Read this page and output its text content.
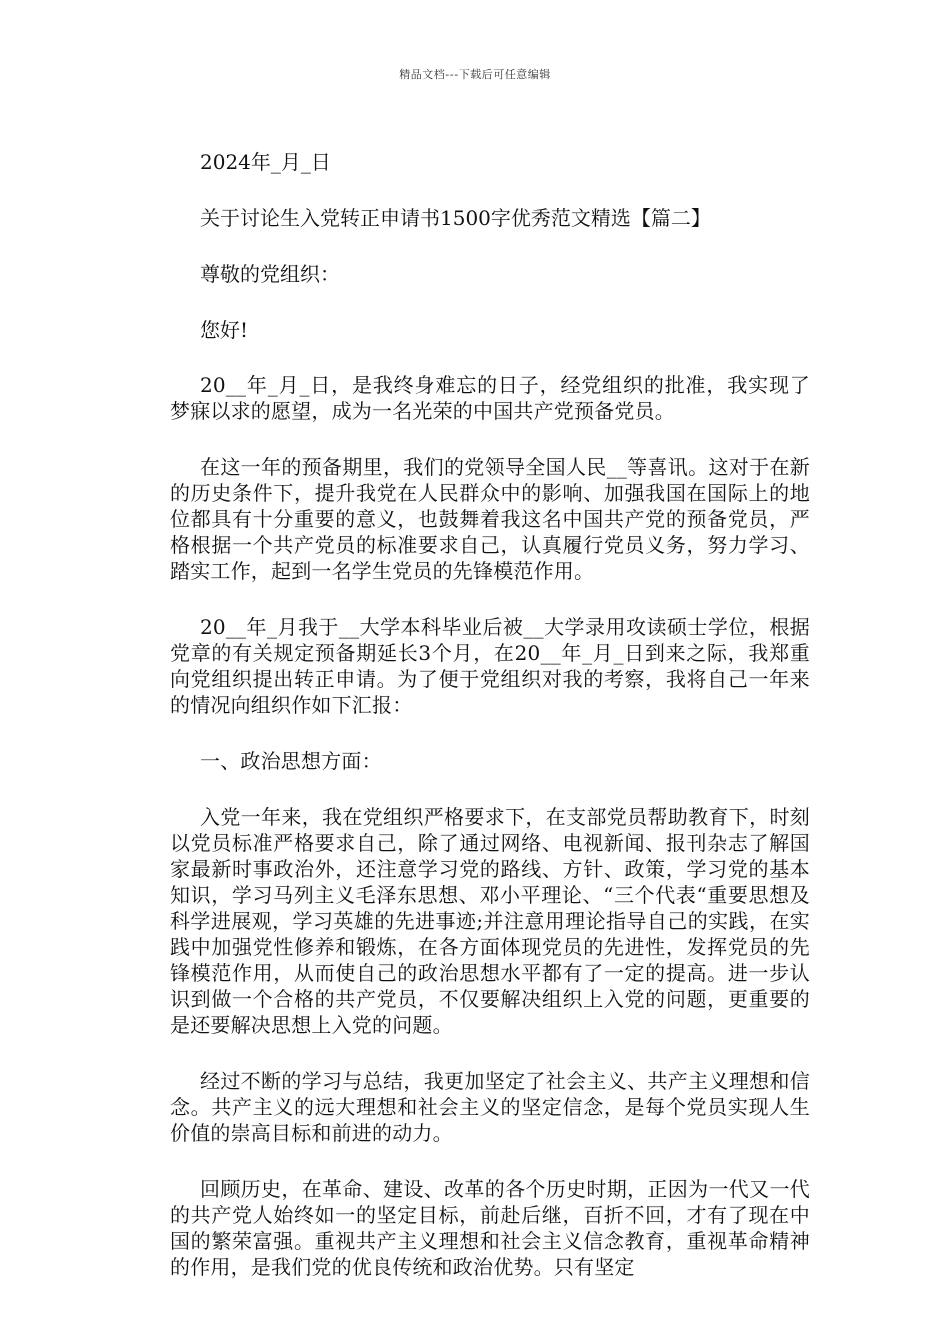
精品文档---下载后可任意编辑
2024年_月_日
关于讨论生入党转正申请书1500字优秀范文精选【篇二】
尊敬的党组织：
您好!

20__年_月_日，是我终身难忘的日子，经党组织的批准，我实现了梦寐以求的愿望，成为一名光荣的中国共产党预备党员。

在这一年的预备期里，我们的党领导全国人民__等喜讯。这对于在新的历史条件下，提升我党在人民群众中的影响、加强我国在国际上的地位都具有十分重要的意义，也鼓舞着我这名中国共产党的预备党员，严格根据一个共产党员的标准要求自己，认真履行党员义务，努力学习、踏实工作，起到一名学生党员的先锋模范作用。

20__年_月我于__大学本科毕业后被__大学录用攻读硕士学位，根据党章的有关规定预备期延长3个月，在20__年_月_日到来之际，我郑重向党组织提出转正申请。为了便于党组织对我的考察，我将自己一年来的情况向组织作如下汇报：

一、政治思想方面：

入党一年来，我在党组织严格要求下，在支部党员帮助教育下，时刻以党员标准严格要求自己，除了通过网络、电视新闻、报刊杂志了解国家最新时事政治外，还注意学习党的路线、方针、政策，学习党的基本知识，学习马列主义毛泽东思想、邓小平理论、“三个代表“重要思想及科学进展观，学习英雄的先进事迹;并注意用理论指导自己的实践，在实践中加强党性修养和锻炼，在各方面体现党员的先进性，发挥党员的先锋模范作用，从而使自己的政治思想水平都有了一定的提高。进一步认识到做一个合格的共产党员，不仅要解决组织上入党的问题，更重要的是还要解决思想上入党的问题。

经过不断的学习与总结，我更加坚定了社会主义、共产主义理想和信念。共产主义的远大理想和社会主义的坚定信念，是每个党员实现人生价值的崇高目标和前进的动力。

回顾历史，在革命、建设、改革的各个历史时期，正因为一代又一代的共产党人始终如一的坚定目标，前赴后继，百折不回，才有了现在中国的繁荣富强。重视共产主义理想和社会主义信念教育，重视革命精神的作用，是我们党的优良传统和政治优势。只有坚定
